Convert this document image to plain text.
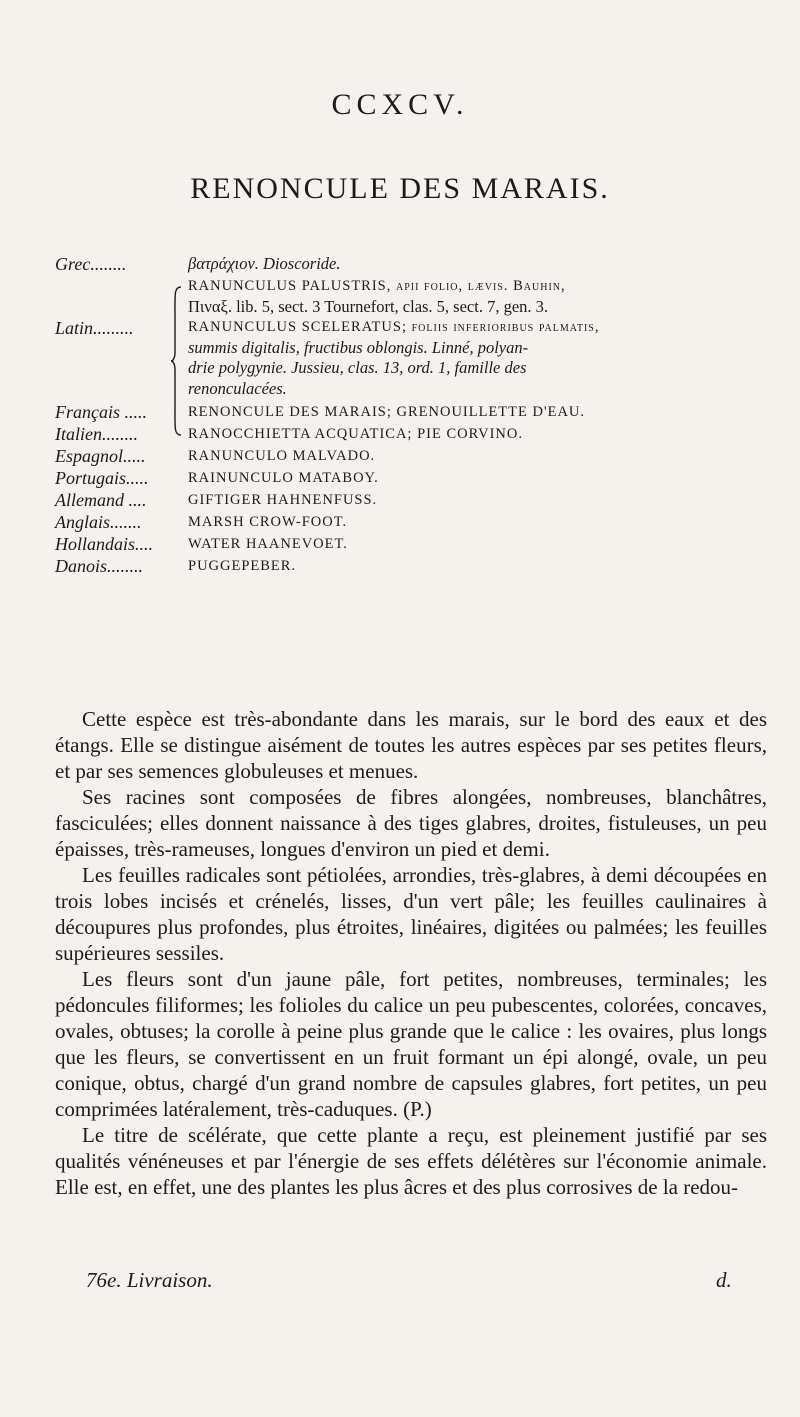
CCXCV.
RENONCULE DES MARAIS.
Grec........	βατράχιον. Dioscoride.
Latin.........
RANUNCULUS PALUSTRIS, apii folio, lævis. Bauhin,
Πιναξ. lib. 5, sect. 3 Tournefort, clas. 5, sect. 7, gen. 3.
RANUNCULUS SCELERATUS; foliis inferioribus palmatis,
summis digitalis, fructibus oblongis. Linné, polyan-
drie polygynie. Jussieu, clas. 13, ord. 1, famille des
renonculacées.
Français .....	RENONCULE DES MARAIS; GRENOUILLETTE D'EAU.
Italien........	RANOCCHIETTA ACQUATICA; PIE CORVINO.
Espagnol.....	RANUNCULO MALVADO.
Portugais.....	RAINUNCULO MATABOY.
Allemand ....	GIFTIGER HAHNENFUSS.
Anglais.......	MARSH CROW-FOOT.
Hollandais.... WATER HAANEVOET.
Danois........	PUGGEPEBER.

Cette espèce est très-abondante dans les marais, sur le bord des eaux et des étangs. Elle se distingue aisément de toutes les autres espèces par ses petites fleurs, et par ses semences globuleuses et menues.

Ses racines sont composées de fibres alongées, nombreuses, blanchâtres, fasciculées; elles donnent naissance à des tiges glabres, droites, fistuleuses, un peu épaisses, très-rameuses, longues d'environ un pied et demi.

Les feuilles radicales sont pétiolées, arrondies, très-glabres, à demi découpées en trois lobes incisés et crénelés, lisses, d'un vert pâle; les feuilles caulinaires à découpures plus profondes, plus étroites, linéaires, digitées ou palmées; les feuilles supérieures sessiles.

Les fleurs sont d'un jaune pâle, fort petites, nombreuses, terminales; les pédoncules filiformes; les folioles du calice un peu pubescentes, colorées, concaves, ovales, obtuses; la corolle à peine plus grande que le calice : les ovaires, plus longs que les fleurs, se convertissent en un fruit formant un épi alongé, ovale, un peu conique, obtus, chargé d'un grand nombre de capsules glabres, fort petites, un peu comprimées latéralement, très-caduques. (P.)

Le titre de scélérate, que cette plante a reçu, est pleinement justifié par ses qualités vénéneuses et par l'énergie de ses effets délétères sur l'économie animale. Elle est, en effet, une des plantes les plus âcres et des plus corrosives de la redou-

76e. Livraison.	d.
